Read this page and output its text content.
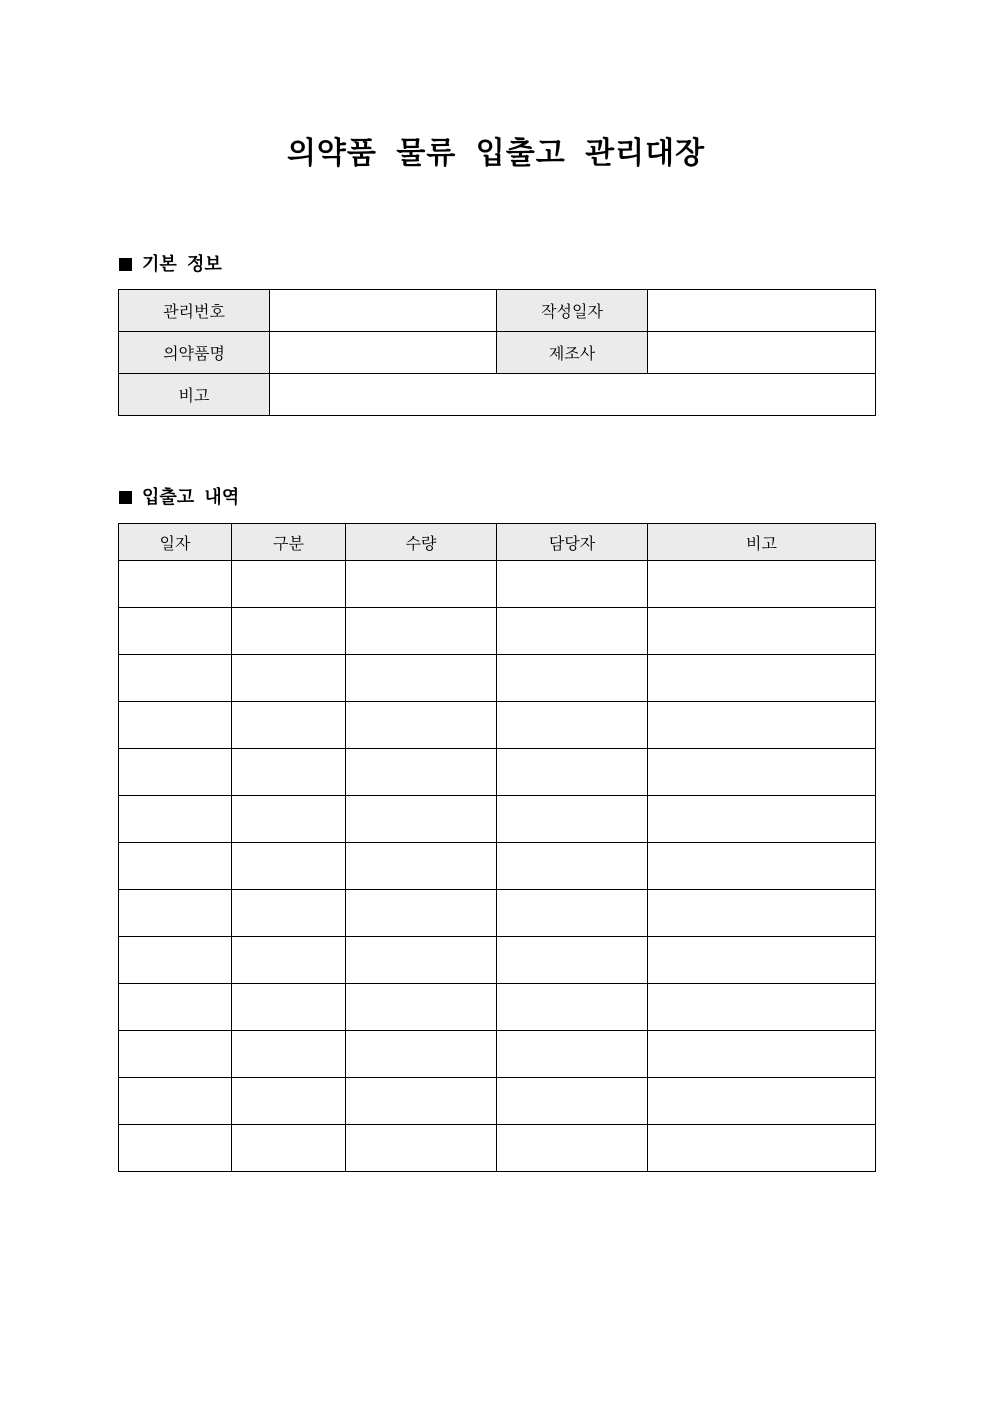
의약품 물류 입출고 관리대장
기본 정보
관리번호		작성일자	
의약품명		제조사	
비고			
입출고 내역
일자	구분	수량	담당자	비고
